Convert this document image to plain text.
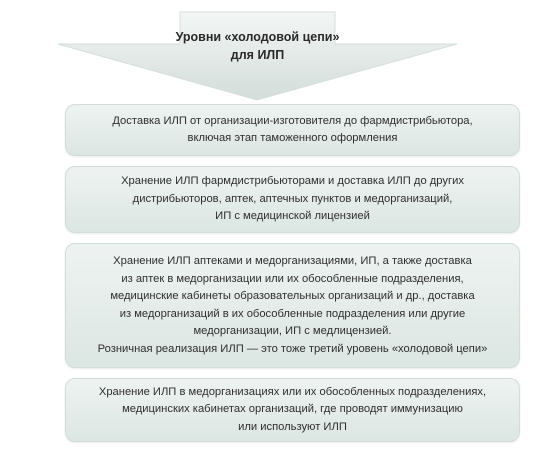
Уровни «холодовой цепи»
для ИЛП
Доставка ИЛП от организации-изготовителя до фармдистрибьютора,
включая этап таможенного оформления
Хранение ИЛП фармдистрибьюторами и доставка ИЛП до других
дистрибьюторов, аптек, аптечных пунктов и медорганизаций,
ИП с медицинской лицензией
Хранение ИЛП аптеками и медорганизациями, ИП, а также доставка
из аптек в медорганизации или их обособленные подразделения,
медицинские кабинеты образовательных организаций и др., доставка
из медорганизаций в их обособленные подразделения или другие
медорганизации, ИП с медлицензией.
Розничная реализация ИЛП — это тоже третий уровень «холодовой цепи»
Хранение ИЛП в медорганизациях или их обособленных подразделениях,
медицинских кабинетах организаций, где проводят иммунизацию
или используют ИЛП
